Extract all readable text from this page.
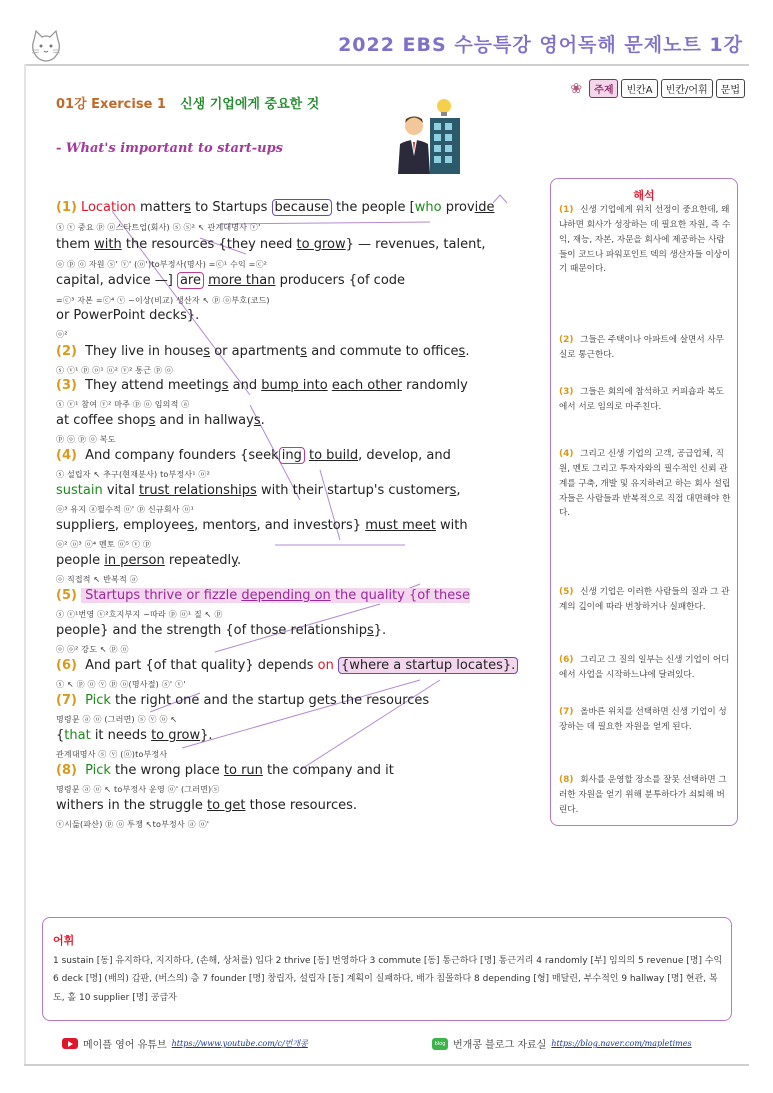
2022 EBS 수능특강 영어독해 문제노트 1강
❀	주제	빈칸A	빈칸/어휘	문법
01강 Exercise 1 신생 기업에게 중요한 것
- What's important to start-ups
(1) Location matters to Startups because the people [who provide
ⓢ ⓥ 중요 ⓟ ⓞ스타트업(회사) ⓢ ⓢ² ↖ 관계대명사 ⓥ'
them with the resources {they need to grow} — revenues, talent,
ⓞ ⓟ ⓞ 자원 ⓢ' ⓥ' (ⓞ')to부정사(명사) =ⓒ¹ 수익 =ⓒ²
capital, advice —] are more than producers {of code
=ⓒ³ 자본 =ⓒ⁴ ⓥ ~이상(비교) 생산자 ↖ ⓟ ⓞ부호(코드)
or PowerPoint decks}.
ⓞ²
(2) They live in houses or apartments and commute to offices.
ⓢ ⓥ¹ ⓟ ⓞ¹ ⓞ² ⓥ² 통근 ⓟ ⓞ
(3) They attend meetings and bump into each other randomly
ⓢ ⓥ¹ 참여 ⓥ² 마주 ⓟ ⓞ 임의적 ⓐ
at coffee shops and in hallways.
ⓟ ⓞ ⓟ ⓞ 복도
(4) And company founders {seek ing to build, develop, and
ⓢ 설립자 ↖ 추구(현재분사) to부정사¹ ⓞ²
sustain vital trust relationships with their startup's customers,
ⓞ³ 유지 ⓐ필수적 ⓞ' ⓟ 신규회사 ⓞ¹
suppliers, employees, mentors, and investors} must meet with
ⓞ² ⓞ³ ⓞ⁴ 멘토 ⓞ⁵ ⓥ ⓟ
people in person repeatedly.
ⓞ 직접적 ↖ 반복적 ⓐ
(5) Startups thrive or fizzle depending on the quality {of these
ⓢ ⓥ¹번영 ⓥ²흐지부지 ~따라 ⓟ ⓞ¹ 질 ↖ ⓟ
people} and the strength {of those relationships}.
ⓞ ⓞ² 강도 ↖ ⓟ ⓞ
(6) And part {of that quality} depends on {where a startup locates}.
ⓢ ↖ ⓟ ⓞ ⓥ ⓟ ⓞ(명사절) ⓢ' ⓥ'
(7) Pick the right one and the startup gets the resources
명령문 ⓐ ⓞ (그러면) ⓢ ⓥ ⓞ ↖
{that it needs to grow}.
관계대명사 ⓢ ⓥ (ⓞ)to부정사
(8) Pick the wrong place to run the company and it
명령문 ⓐ ⓞ ↖ to부정사 운영 ⓞ' (그러면)ⓢ
withers in the struggle to get those resources.
ⓥ시듦(파산) ⓟ ⓞ 투쟁 ↖to부정사 ⓐ ⓞ'
해석
(1) 신생 기업에게 위치 선정이 중요한데, 왜냐하면 회사가 성장하는 데 필요한 자원, 즉 수익, 재능, 자본, 자문을 회사에 제공하는 사람들이 코드나 파워포인트 덱의 생산자들 이상이기 때문이다.
(2) 그들은 주택이나 아파트에 살면서 사무실로 통근한다.
(3) 그들은 회의에 참석하고 커피숍과 복도에서 서로 임의로 마주친다.
(4) 그리고 신생 기업의 고객, 공급업체, 직원, 멘토 그리고 투자자와의 필수적인 신뢰 관계를 구축, 개발 및 유지하려고 하는 회사 설립자들은 사람들과 반복적으로 직접 대면해야 한다.
(5) 신생 기업은 이러한 사람들의 질과 그 관계의 깊이에 따라 번창하거나 실패한다.
(6) 그리고 그 질의 일부는 신생 기업이 어디에서 사업을 시작하느냐에 달려있다.
(7) 올바른 위치를 선택하면 신생 기업이 성장하는 데 필요한 자원을 얻게 된다.
(8) 회사를 운영할 장소를 잘못 선택하면 그러한 자원을 얻기 위해 분투하다가 쇠퇴해 버린다.
어휘
1 sustain [동] 유지하다, 지지하다, (손해, 상처를) 입다 2 thrive [동] 번영하다 3 commute [동] 통근하다 [명] 통근거리 4 randomly [부] 임의의 5 revenue [명] 수익 6 deck [명] (배의) 갑판, (버스의) 층 7 founder [명] 창립자, 설립자 [동] 계획이 실패하다, 배가 침몰하다 8 depending [형] 매달린, 부수적인 9 hallway [명] 현관, 복도, 홀 10 supplier [명] 공급자
메이플 영어 유튜브 https://www.youtube.com/c/번개콩	blog 번개콩 블로그 자료실 https://blog.naver.com/mapletimes
